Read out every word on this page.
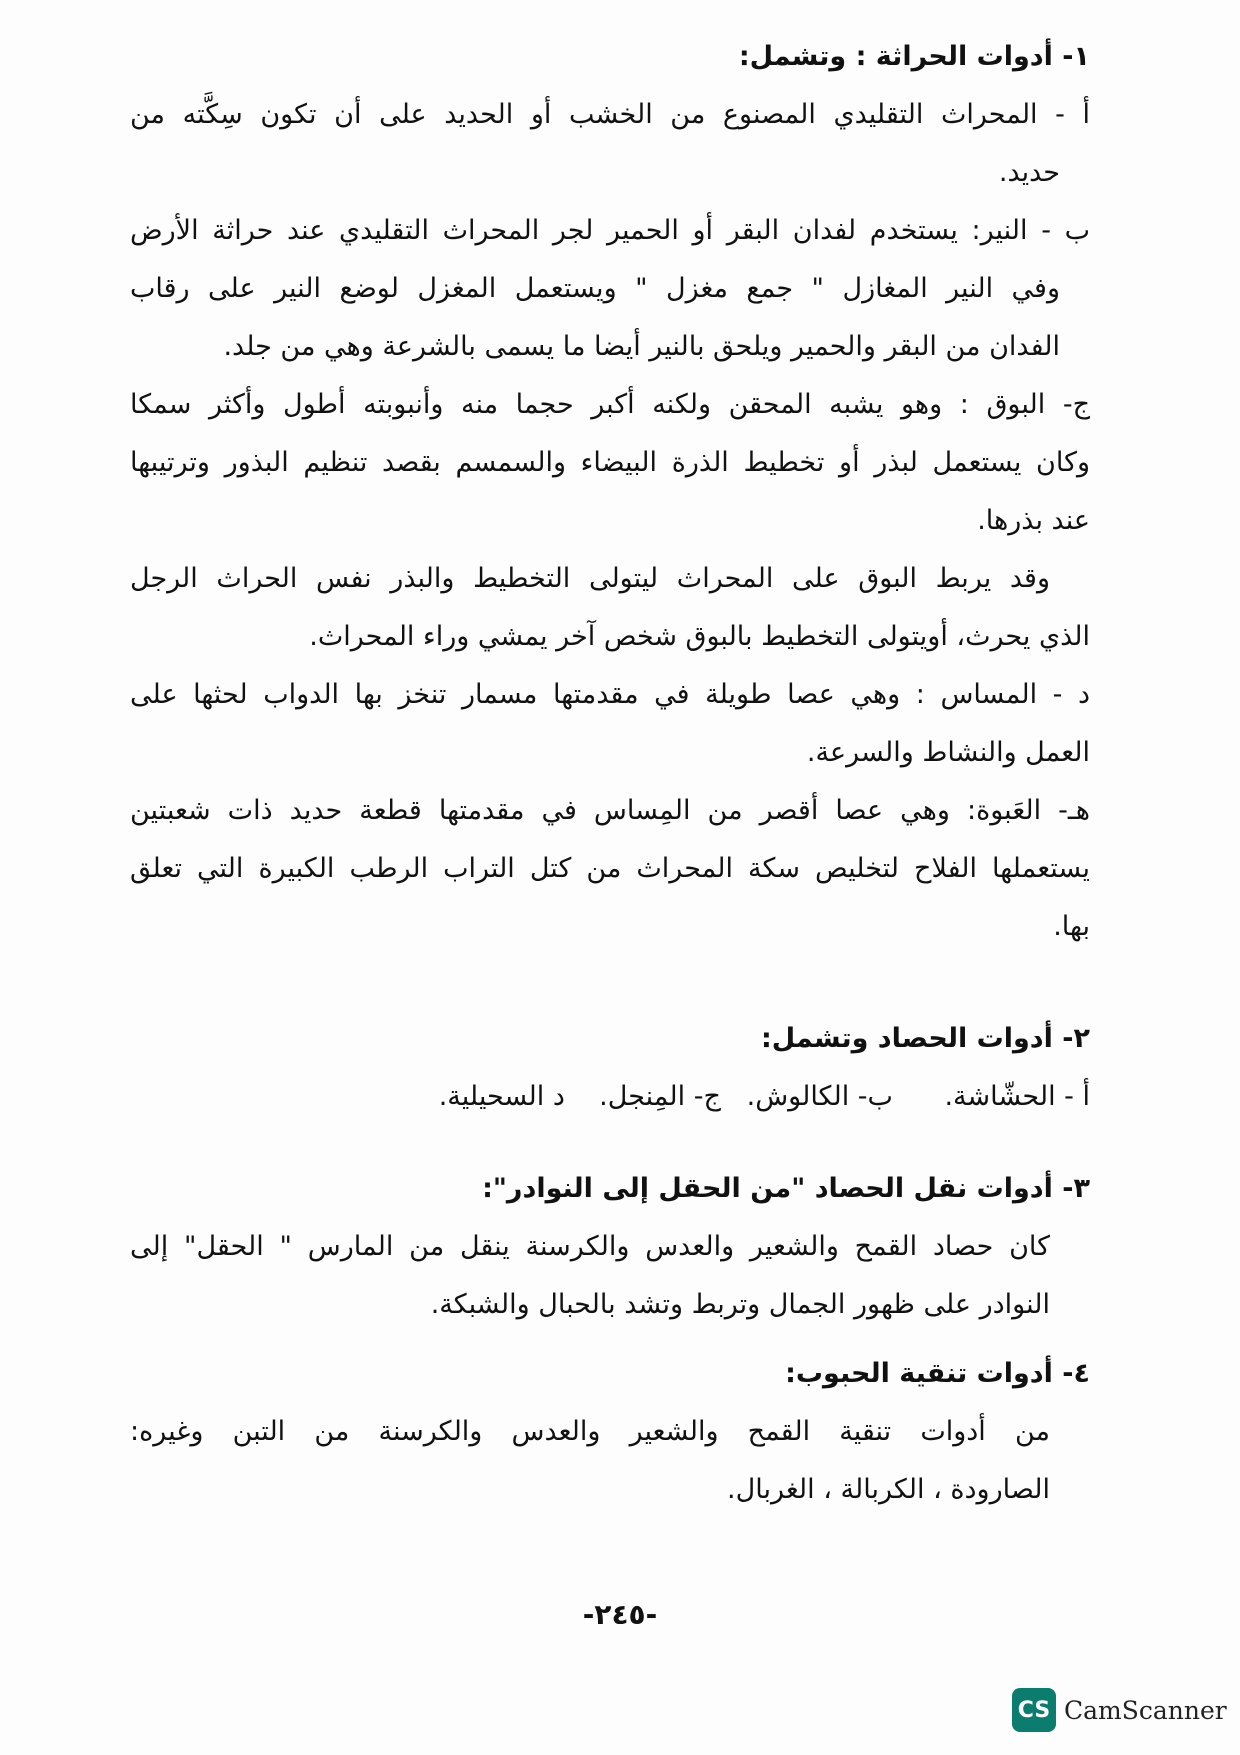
١- أدوات الحراثة : وتشمل:
أ - المحراث التقليدي المصنوع من الخشب أو الحديد على أن تكون سِكَّته من
حديد.
ب - النير: يستخدم لفدان البقر أو الحمير لجر المحراث التقليدي عند حراثة الأرض
وفي النير المغازل " جمع مغزل " ويستعمل المغزل لوضع النير على رقاب
الفدان من البقر والحمير ويلحق بالنير أيضا ما يسمى بالشرعة وهي من جلد.
ج- البوق : وهو يشبه المحقن ولكنه أكبر حجما منه وأنبوبته أطول وأكثر سمكا
وكان يستعمل لبذر أو تخطيط الذرة البيضاء والسمسم بقصد تنظيم البذور وترتيبها
عند بذرها.
وقد يربط البوق على المحراث ليتولى التخطيط والبذر نفس الحراث الرجل
الذي يحرث، أويتولى التخطيط بالبوق شخص آخر يمشي وراء المحراث.
د - المساس : وهي عصا طويلة في مقدمتها مسمار تنخز بها الدواب لحثها على
العمل والنشاط والسرعة.
هـ- العَبوة: وهي عصا أقصر من المِساس في مقدمتها قطعة حديد ذات شعبتين
يستعملها الفلاح لتخليص سكة المحراث من كتل التراب الرطب الكبيرة التي تعلق
بها.
٢- أدوات الحصاد وتشمل:
أ - الحشّاشة.      ب- الكالوش.   ج- المِنجل.    د السحيلية.
٣- أدوات نقل الحصاد "من الحقل إلى النوادر":
كان حصاد القمح والشعير والعدس والكرسنة ينقل من المارس " الحقل" إلى
النوادر على ظهور الجمال وتربط وتشد بالحبال والشبكة.
٤- أدوات تنقية الحبوب:
من أدوات تنقية القمح والشعير والعدس والكرسنة من التبن وغيره:
الصارودة ، الكربالة ، الغربال.
-٢٤٥-
CS CamScanner
